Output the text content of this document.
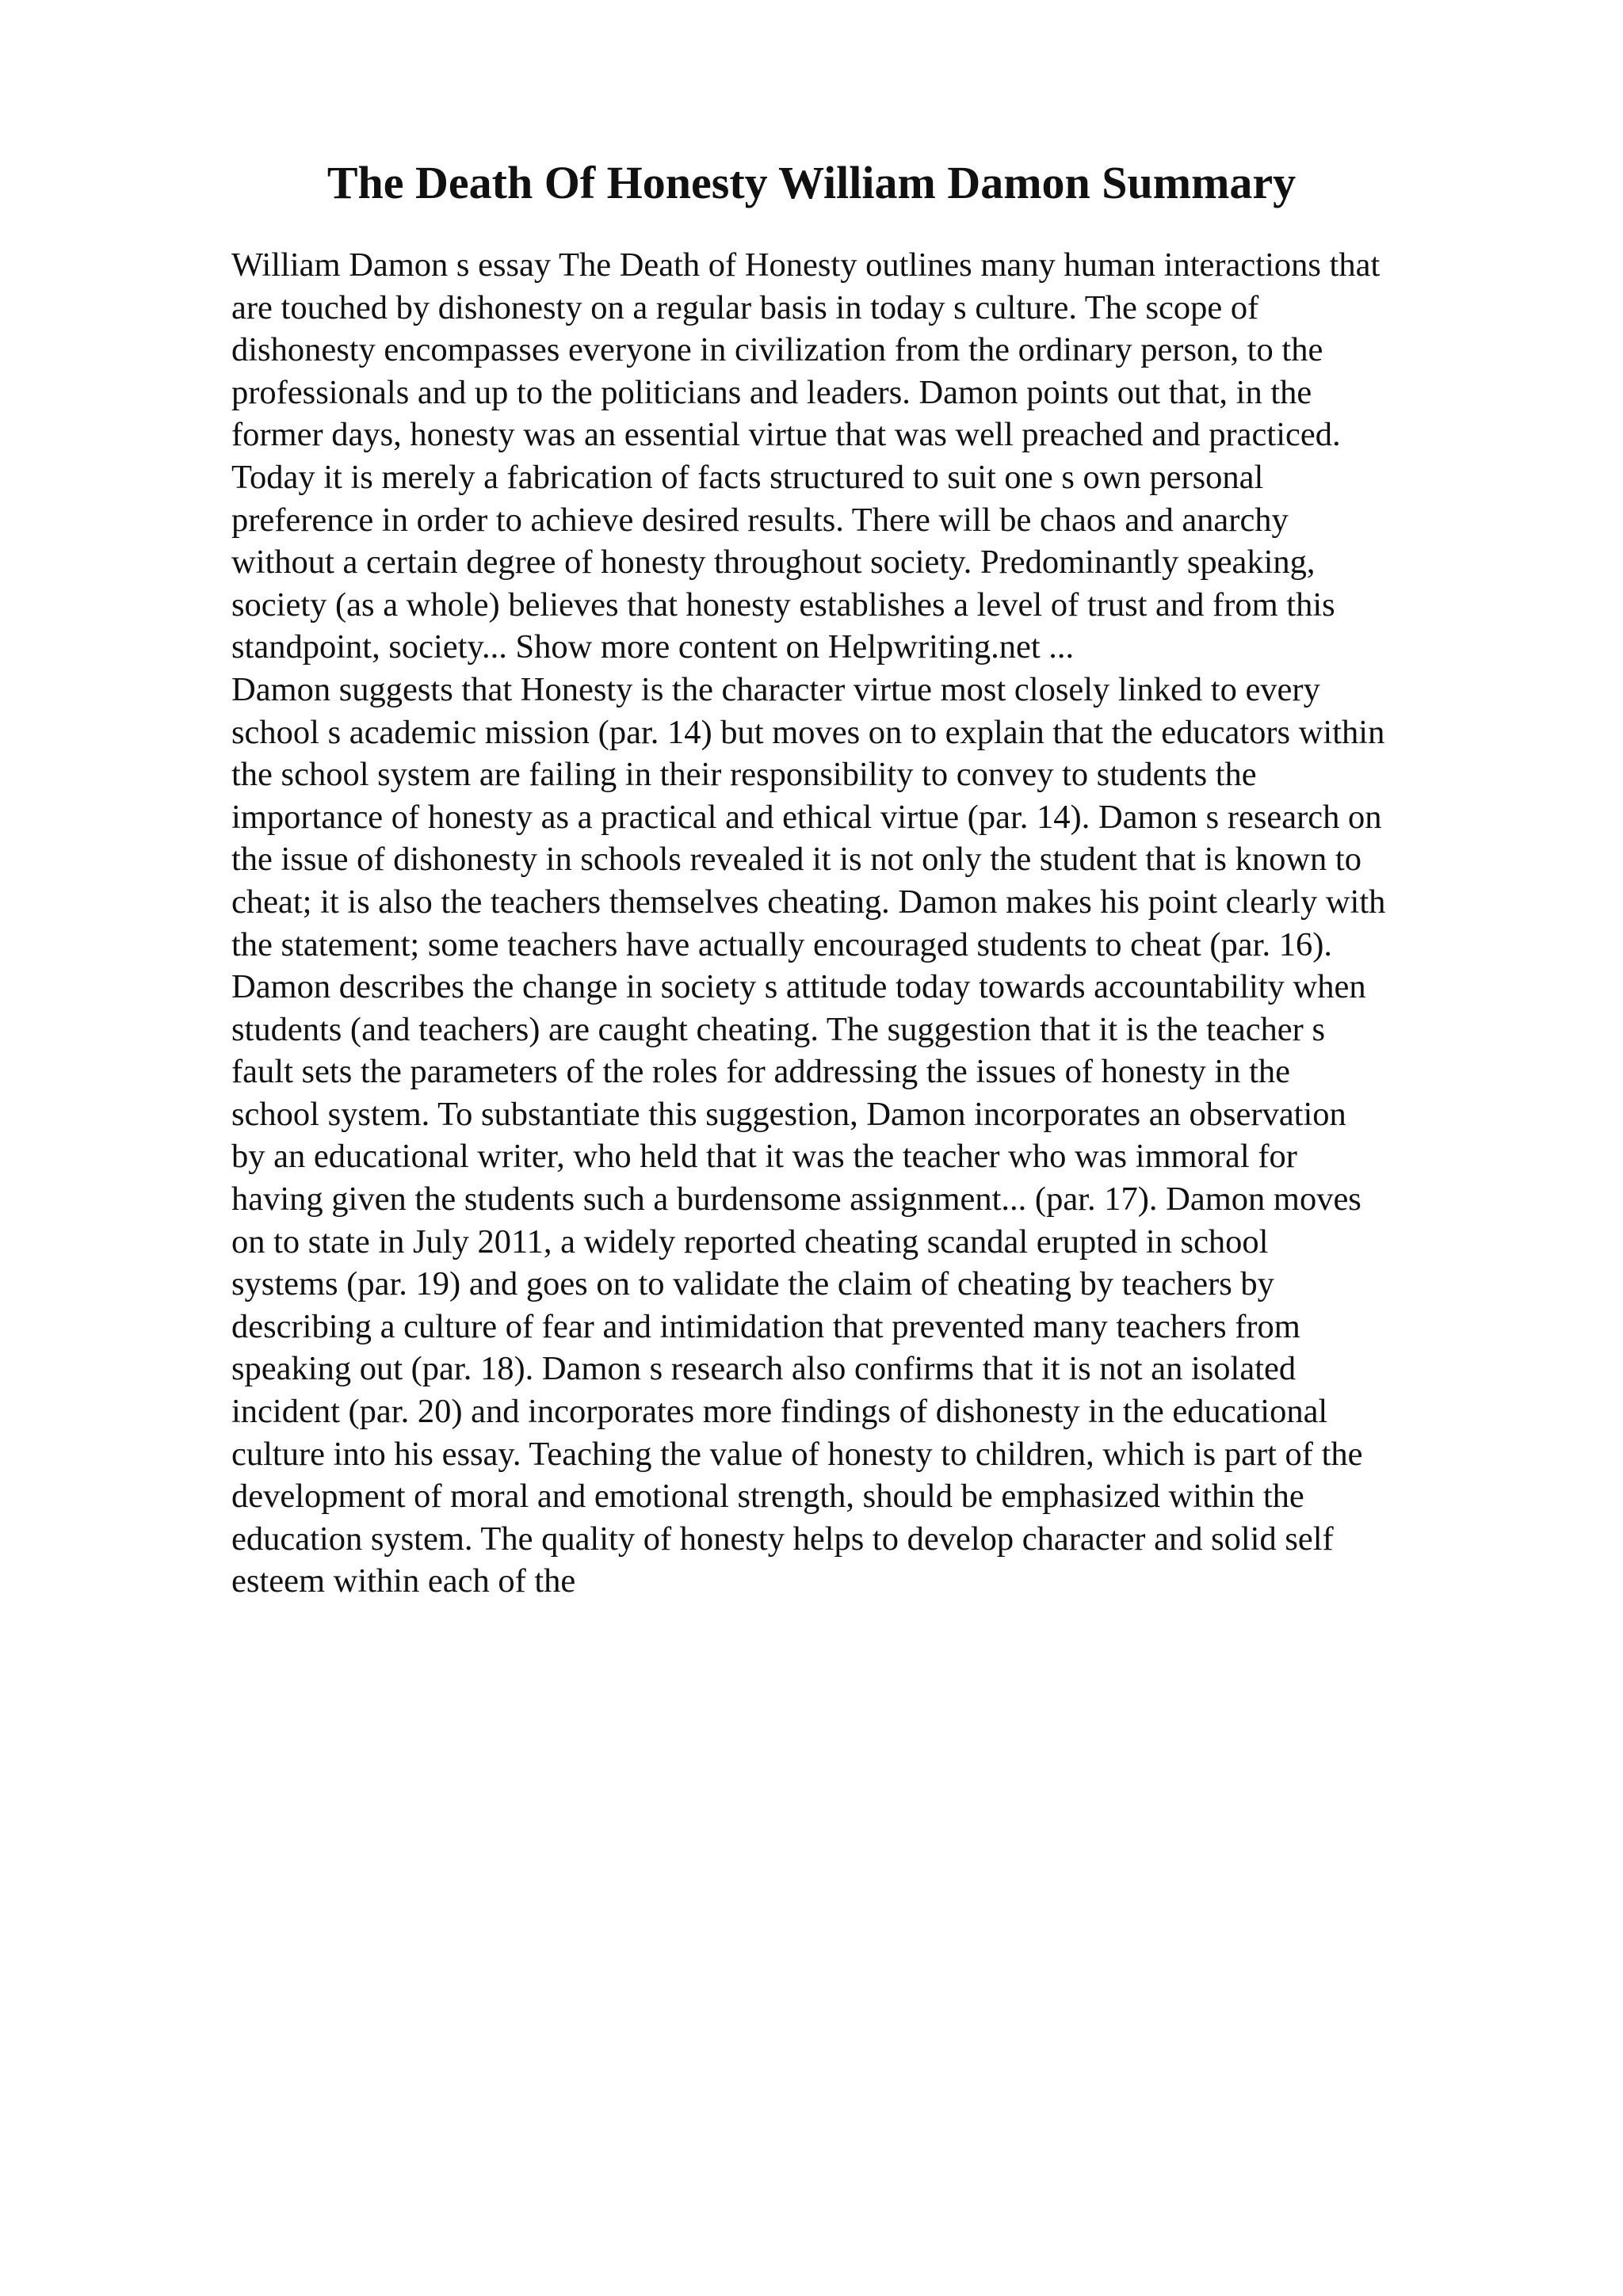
The Death Of Honesty William Damon Summary
William Damon s essay The Death of Honesty outlines many human interactions that
are touched by dishonesty on a regular basis in today s culture. The scope of
dishonesty encompasses everyone in civilization from the ordinary person, to the
professionals and up to the politicians and leaders. Damon points out that, in the
former days, honesty was an essential virtue that was well preached and practiced.
Today it is merely a fabrication of facts structured to suit one s own personal
preference in order to achieve desired results. There will be chaos and anarchy
without a certain degree of honesty throughout society. Predominantly speaking,
society (as a whole) believes that honesty establishes a level of trust and from this
standpoint, society... Show more content on Helpwriting.net ...
Damon suggests that Honesty is the character virtue most closely linked to every
school s academic mission (par. 14) but moves on to explain that the educators within
the school system are failing in their responsibility to convey to students the
importance of honesty as a practical and ethical virtue (par. 14). Damon s research on
the issue of dishonesty in schools revealed it is not only the student that is known to
cheat; it is also the teachers themselves cheating. Damon makes his point clearly with
the statement; some teachers have actually encouraged students to cheat (par. 16).
Damon describes the change in society s attitude today towards accountability when
students (and teachers) are caught cheating. The suggestion that it is the teacher s
fault sets the parameters of the roles for addressing the issues of honesty in the
school system. To substantiate this suggestion, Damon incorporates an observation
by an educational writer, who held that it was the teacher who was immoral for
having given the students such a burdensome assignment... (par. 17). Damon moves
on to state in July 2011, a widely reported cheating scandal erupted in school
systems (par. 19) and goes on to validate the claim of cheating by teachers by
describing a culture of fear and intimidation that prevented many teachers from
speaking out (par. 18). Damon s research also confirms that it is not an isolated
incident (par. 20) and incorporates more findings of dishonesty in the educational
culture into his essay. Teaching the value of honesty to children, which is part of the
development of moral and emotional strength, should be emphasized within the
education system. The quality of honesty helps to develop character and solid self
esteem within each of the
